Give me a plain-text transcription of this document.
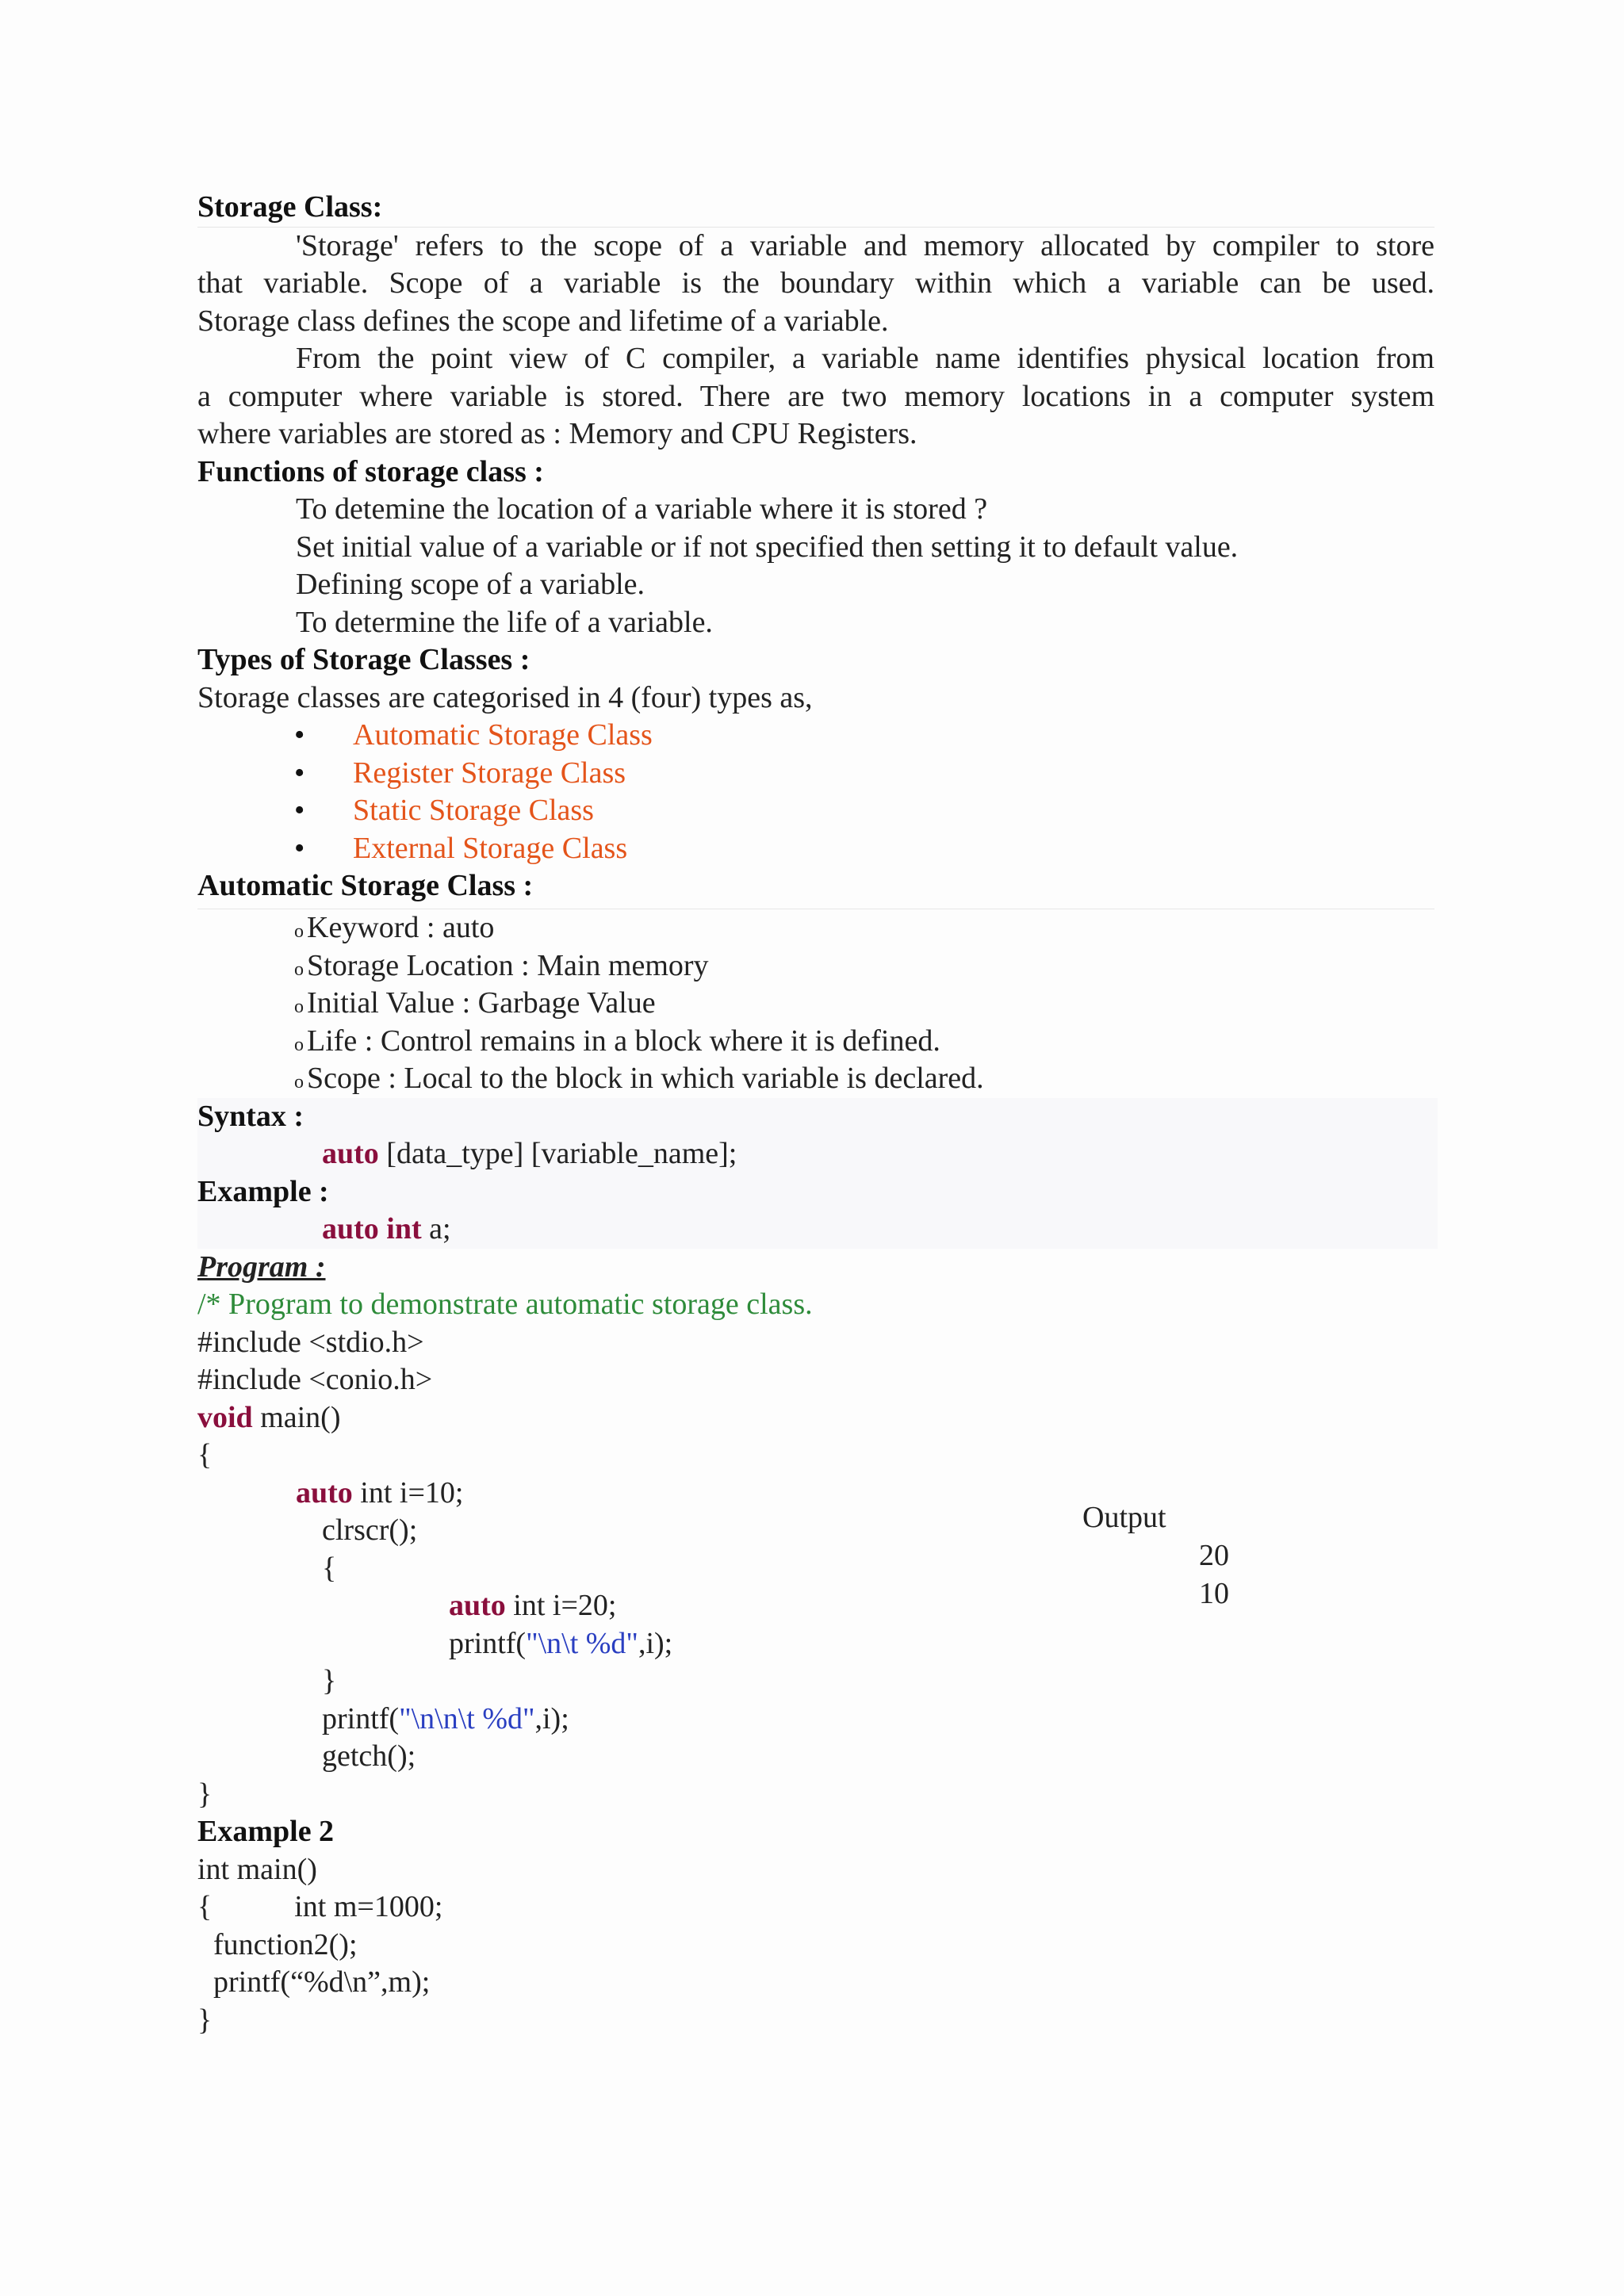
Storage Class:
'Storage' refers to the scope of a variable and memory allocated by compiler to store
that variable. Scope of a variable is the boundary within which a variable can be used.
Storage class defines the scope and lifetime of a variable.
From the point view of C compiler, a variable name identifies physical location from
a computer where variable is stored. There are two memory locations in a computer system
where variables are stored as : Memory and CPU Registers.
Functions of storage class :
To detemine the location of a variable where it is stored ?
Set initial value of a variable or if not specified then setting it to default value.
Defining scope of a variable.
To determine the life of a variable.
Types of Storage Classes :
Storage classes are categorised in 4 (four) types as,
• Automatic Storage Class
• Register Storage Class
• Static Storage Class
• External Storage Class
Automatic Storage Class :
o Keyword : auto
o Storage Location : Main memory
o Initial Value : Garbage Value
o Life : Control remains in a block where it is defined.
o Scope : Local to the block in which variable is declared.
Syntax :
auto [data_type] [variable_name];
Example :
auto int a;
Program :
/* Program to demonstrate automatic storage class.
#include <stdio.h>
#include <conio.h>
void main()
{
auto int i=10;
clrscr();
{
auto int i=20;
printf("\n\t %d",i);
}
printf("\n\n\t %d",i);
getch();
}
Example 2
int main()
{	int m=1000;
function2();
printf(“%d\n”,m);
}
Output
20
10
